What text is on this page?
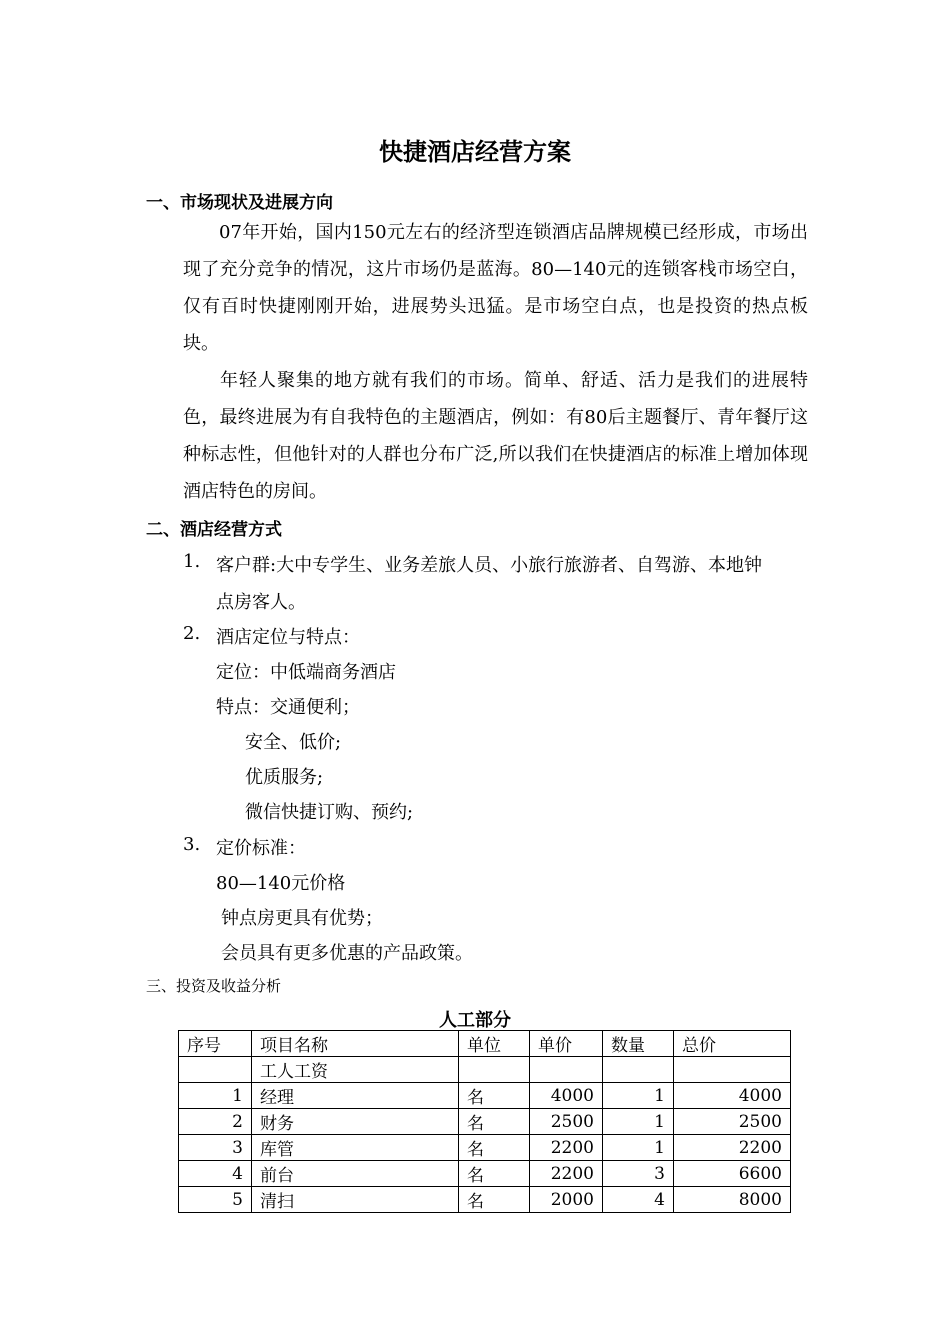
快捷酒店经营方案
一、市场现状及进展方向
07年开始，国内150元左右的经济型连锁酒店品牌规模已经形成，市场出现了充分竞争的情况，这片市场仍是蓝海。80—140元的连锁客栈市场空白，仅有百时快捷刚刚开始，进展势头迅猛。是市场空白点，也是投资的热点板块。
年轻人聚集的地方就有我们的市场。简单、舒适、活力是我们的进展特色，最终进展为有自我特色的主题酒店，例如：有80后主题餐厅、青年餐厅这种标志性，但他针对的人群也分布广泛,所以我们在快捷酒店的标准上增加体现酒店特色的房间。
二、酒店经营方式
1. 客户群:大中专学生、业务差旅人员、小旅行旅游者、自驾游、本地钟
点房客人。
2. 酒店定位与特点：
定位：中低端商务酒店
特点：交通便利；
安全、低价;
优质服务;
微信快捷订购、预约;
3. 定价标准：
80—140元价格
钟点房更具有优势；
会员具有更多优惠的产品政策。
三、投资及收益分析
人工部分
序号	项目名称	单位	单价	数量	总价
	工人工资				
1	经理	名	4000	1	4000
2	财务	名	2500	1	2500
3	库管	名	2200	1	2200
4	前台	名	2200	3	6600
5	清扫	名	2000	4	8000
